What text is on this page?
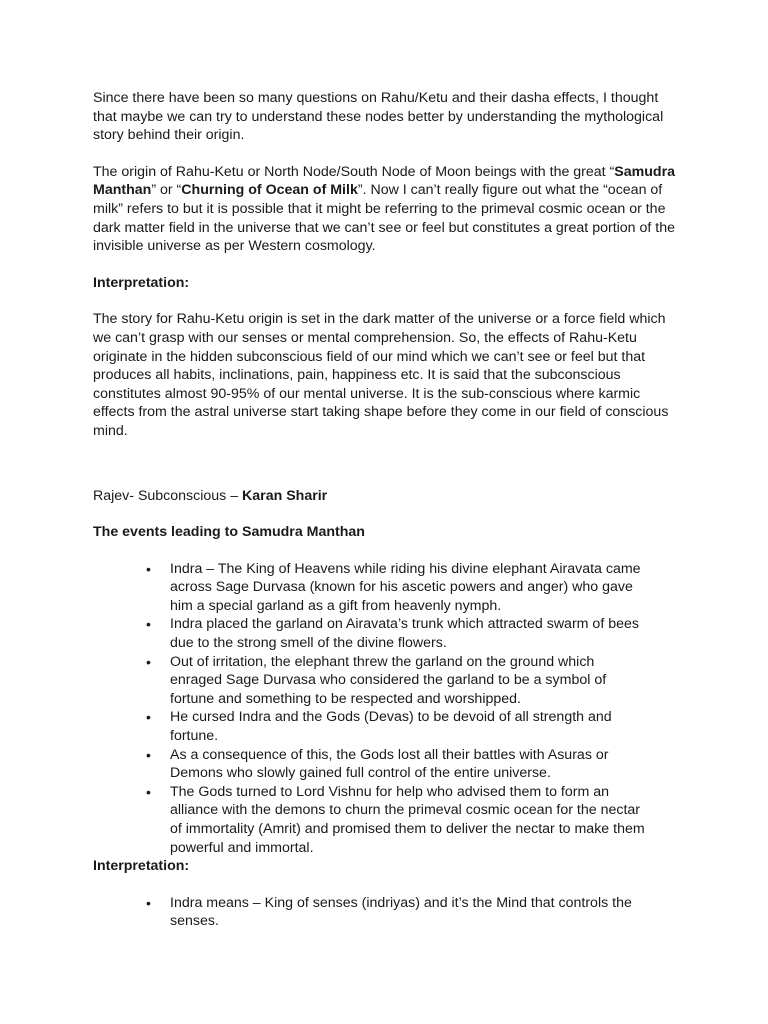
Since there have been so many questions on Rahu/Ketu and their dasha effects, I thought that maybe we can try to understand these nodes better by understanding the mythological story behind their origin.

The origin of Rahu-Ketu or North Node/South Node of Moon beings with the great “Samudra Manthan” or “Churning of Ocean of Milk”. Now I can’t really figure out what the “ocean of milk” refers to but it is possible that it might be referring to the primeval cosmic ocean or the dark matter field in the universe that we can’t see or feel but constitutes a great portion of the invisible universe as per Western cosmology.

Interpretation:

The story for Rahu-Ketu origin is set in the dark matter of the universe or a force field which we can’t grasp with our senses or mental comprehension. So, the effects of Rahu-Ketu originate in the hidden subconscious field of our mind which we can’t see or feel but that produces all habits, inclinations, pain, happiness etc. It is said that the subconscious constitutes almost 90-95% of our mental universe. It is the sub-conscious where karmic effects from the astral universe start taking shape before they come in our field of conscious mind.

Rajev- Subconscious – Karan Sharir

The events leading to Samudra Manthan

• Indra – The King of Heavens while riding his divine elephant Airavata came across Sage Durvasa (known for his ascetic powers and anger) who gave him a special garland as a gift from heavenly nymph.
• Indra placed the garland on Airavata’s trunk which attracted swarm of bees due to the strong smell of the divine flowers.
• Out of irritation, the elephant threw the garland on the ground which enraged Sage Durvasa who considered the garland to be a symbol of fortune and something to be respected and worshipped.
• He cursed Indra and the Gods (Devas) to be devoid of all strength and fortune.
• As a consequence of this, the Gods lost all their battles with Asuras or Demons who slowly gained full control of the entire universe.
• The Gods turned to Lord Vishnu for help who advised them to form an alliance with the demons to churn the primeval cosmic ocean for the nectar of immortality (Amrit) and promised them to deliver the nectar to make them powerful and immortal.

Interpretation:

• Indra means – King of senses (indriyas) and it’s the Mind that controls the senses.
